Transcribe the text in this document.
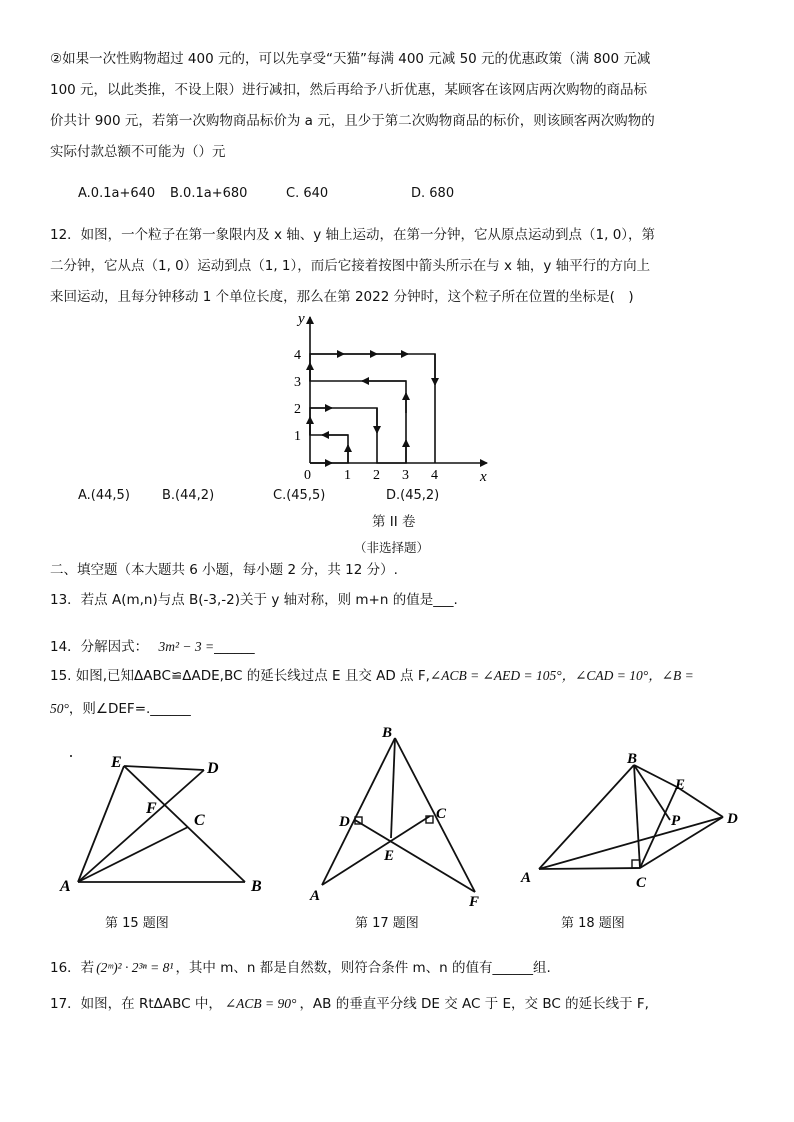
②如果一次性购物超过 400 元的，可以先享受“天猫”每满 400 元减 50 元的优惠政策（满 800 元减
100 元，以此类推，不设上限）进行减扣，然后再给予八折优惠，某顾客在该网店两次购物的商品标
价共计 900 元，若第一次购物商品标价为 a 元，且少于第二次购物商品的标价，则该顾客两次购物的
实际付款总额不可能为（）元
A.0.1a+640 B.0.1a+680	C. 640	D. 680
12．如图，一个粒子在第一象限内及 x 轴、y 轴上运动，在第一分钟，它从原点运动到点（1, 0），第
二分钟，它从点（1, 0）运动到点（1, 1），而后它接着按图中箭头所示在与 x 轴，y 轴平行的方向上
来回运动，且每分钟移动 1 个单位长度，那么在第 2022 分钟时，这个粒子所在位置的坐标是(　)
y
x
0 1 2 3 4
1
2
3
4
A.(44,5) B.(44,2)	C.(45,5)	D.(45,2)
第 II 卷
（非选择题）
二、填空题（本大题共 6 小题，每小题 2 分，共 12 分）.
13．若点 A(m,n)与点 B(-3,-2)关于 y 轴对称，则 m+n 的值是___.
14．分解因式： 3m² − 3 =______
15. 如图,已知ΔABC≌ΔADE,BC 的延长线过点 E 且交 AD 点 F,∠ACB = ∠AED = 105°，∠CAD = 10°，∠B =
50°，则∠DEF=.______
E	D
F
C
A	B
第 15 题图
B
D	C
E
A	F
第 17 题图
B
E
P	D
A	C
第 18 题图
16．若 (2ᵐ)² · 2³ⁿ = 8¹ ，其中 m、n 都是自然数，则符合条件 m、n 的值有______组.
17．如图，在 RtΔABC 中， ∠ACB = 90° ，AB 的垂直平分线 DE 交 AC 于 E，交 BC 的延长线于 F,
